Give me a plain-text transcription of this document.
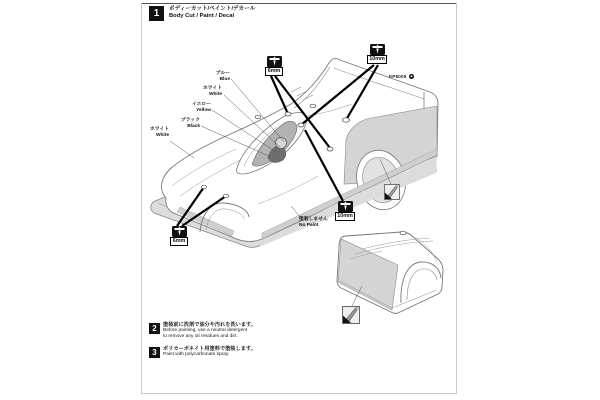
1 ボディーカット/ペイント/デカール
Body Cut / Paint / Decal
ブルー
Blue
ホワイト
White
イエロー
Yellow
ブラック
Black
ホワイト
White
塗装しません
No Paint
6mm
10mm
10mm
6mm
EP8005
2 塗装前に洗剤で油分や汚れを洗います。
Before painting, use a neutral detergent
to remove any oil residues and dirt.
3 ポリカーボネイト用塗料で塗装します。
Paint with polycarbonate spray.
